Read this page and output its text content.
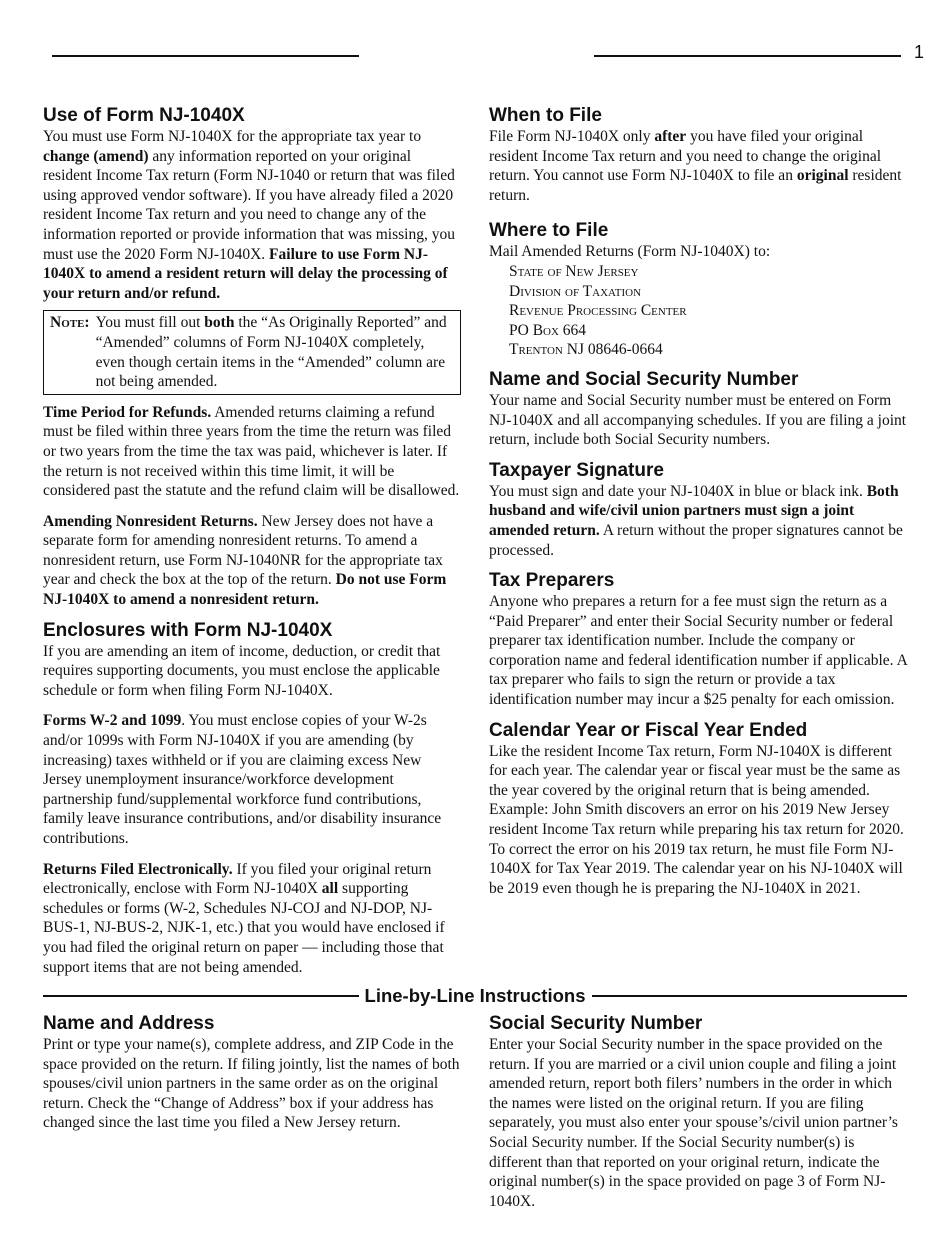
1
Use of Form NJ-1040X

You must use Form NJ-1040X for the appropriate tax year to change (amend) any information reported on your original resident Income Tax return (Form NJ-1040 or return that was filed using approved vendor software). If you have already filed a 2020 resident Income Tax return and you need to change any of the information reported or provide information that was missing, you must use the 2020 Form NJ-1040X. Failure to use Form NJ-1040X to amend a resident return will delay the processing of your return and/or refund.

Note: You must fill out both the “As Originally Reported” and “Amended” columns of Form NJ-1040X completely, even though certain items in the “Amended” column are not being amended.

Time Period for Refunds. Amended returns claiming a refund must be filed within three years from the time the return was filed or two years from the time the tax was paid, whichever is later. If the return is not received within this time limit, it will be considered past the statute and the refund claim will be disallowed.

Amending Nonresident Returns. New Jersey does not have a separate form for amending nonresident returns. To amend a nonresident return, use Form NJ-1040NR for the appropriate tax year and check the box at the top of the return. Do not use Form NJ-1040X to amend a nonresident return.

Enclosures with Form NJ-1040X

If you are amending an item of income, deduction, or credit that requires supporting documents, you must enclose the applicable schedule or form when filing Form NJ-1040X.

Forms W-2 and 1099. You must enclose copies of your W-2s and/or 1099s with Form NJ-1040X if you are amending (by increasing) taxes withheld or if you are claiming excess New Jersey unemployment insurance/workforce development partnership fund/supplemental workforce fund contributions, family leave insurance contributions, and/or disability insurance contributions.

Returns Filed Electronically. If you filed your original return electronically, enclose with Form NJ-1040X all supporting schedules or forms (W-2, Schedules NJ-COJ and NJ-DOP, NJ-BUS-1, NJ-BUS-2, NJK-1, etc.) that you would have enclosed if you had filed the original return on paper — including those that support items that are not being amended.

When to File

File Form NJ-1040X only after you have filed your original resident Income Tax return and you need to change the original return. You cannot use Form NJ-1040X to file an original resident return.

Where to File

Mail Amended Returns (Form NJ-1040X) to:

State of New Jersey
Division of Taxation
Revenue Processing Center
PO Box 664
Trenton NJ 08646-0664
Name and Social Security Number

Your name and Social Security number must be entered on Form NJ-1040X and all accompanying schedules. If you are filing a joint return, include both Social Security numbers.

Taxpayer Signature

You must sign and date your NJ-1040X in blue or black ink. Both husband and wife/civil union partners must sign a joint amended return. A return without the proper signatures cannot be processed.

Tax Preparers

Anyone who prepares a return for a fee must sign the return as a “Paid Preparer” and enter their Social Security number or federal preparer tax identification number. Include the company or corporation name and federal identification number if applicable. A tax preparer who fails to sign the return or provide a tax identification number may incur a $25 penalty for each omission.

Calendar Year or Fiscal Year Ended

Like the resident Income Tax return, Form NJ-1040X is different for each year. The calendar year or fiscal year must be the same as the year covered by the original return that is being amended. Example: John Smith discovers an error on his 2019 New Jersey resident Income Tax return while preparing his tax return for 2020. To correct the error on his 2019 tax return, he must file Form NJ-1040X for Tax Year 2019. The calendar year on his NJ-1040X will be 2019 even though he is preparing the NJ-1040X in 2021.

Line-by-Line Instructions
Name and Address

Print or type your name(s), complete address, and ZIP Code in the space provided on the return. If filing jointly, list the names of both spouses/civil union partners in the same order as on the original return. Check the “Change of Address” box if your address has changed since the last time you filed a New Jersey return.

Social Security Number

Enter your Social Security number in the space provided on the return. If you are married or a civil union couple and filing a joint amended return, report both filers’ numbers in the order in which the names were listed on the original return. If you are filing separately, you must also enter your spouse’s/civil union partner’s Social Security number. If the Social Security number(s) is different than that reported on your original return, indicate the original number(s) in the space provided on page 3 of Form NJ-1040X.
